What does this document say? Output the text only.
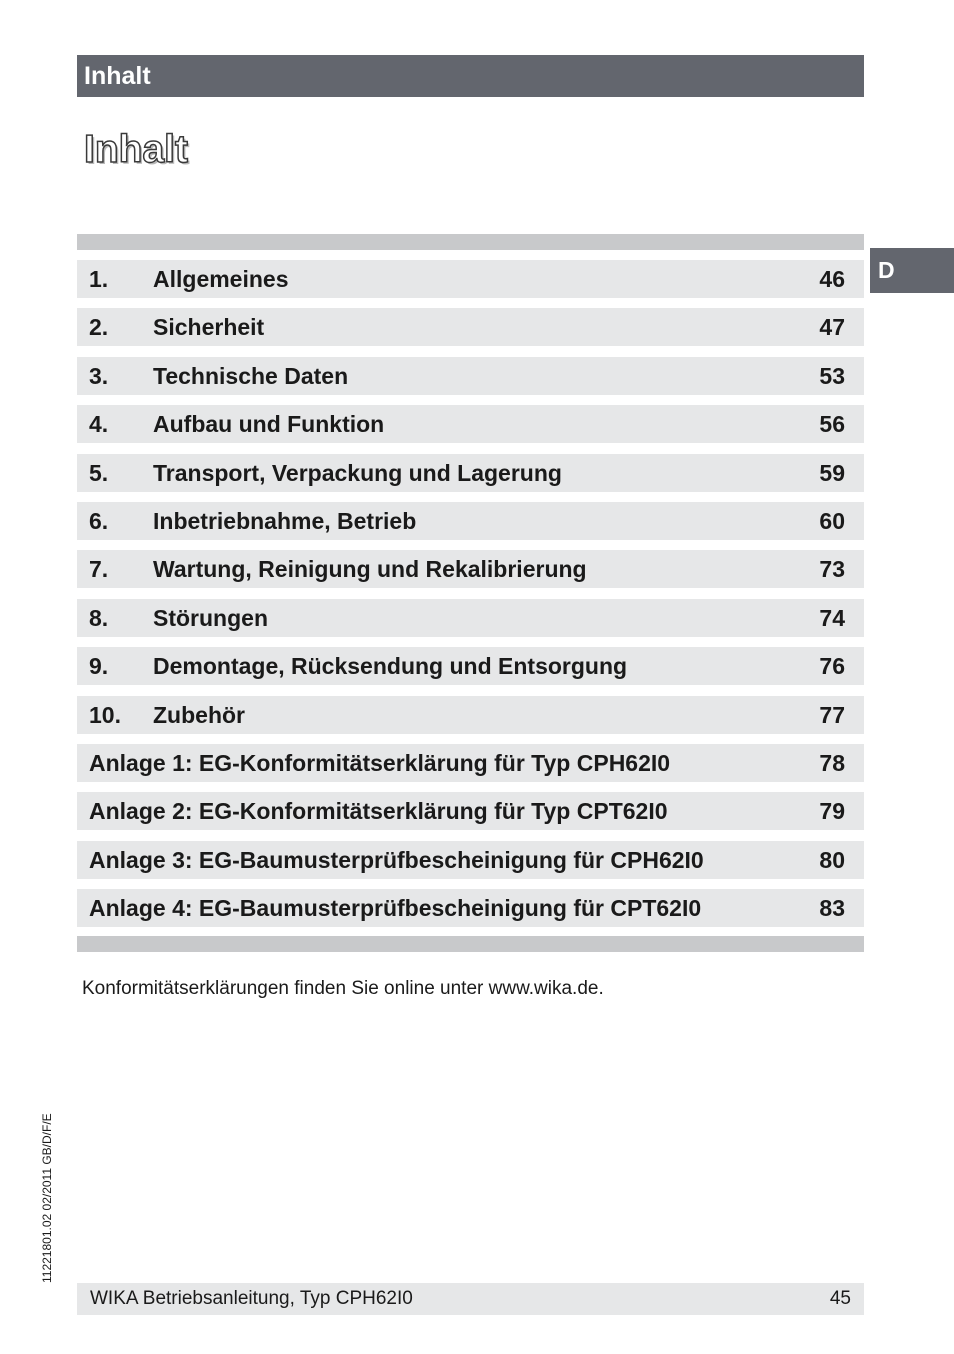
Inhalt
Inhalt
D
1. Allgemeines	46
2. Sicherheit	47
3. Technische Daten	53
4. Aufbau und Funktion	56
5. Transport, Verpackung und Lagerung	59
6. Inbetriebnahme, Betrieb	60
7. Wartung, Reinigung und Rekalibrierung	73
8. Störungen	74
9. Demontage, Rücksendung und Entsorgung	76
10. Zubehör	77
Anlage 1: EG-Konformitätserklärung für Typ CPH62I0	78
Anlage 2: EG-Konformitätserklärung für Typ CPT62I0	79
Anlage 3: EG-Baumusterprüfbescheinigung für CPH62I0	80
Anlage 4: EG-Baumusterprüfbescheinigung für CPT62I0	83
Konformitätserklärungen finden Sie online unter www.wika.de.
11221801.02 02/2011 GB/D/F/E
WIKA Betriebsanleitung, Typ CPH62I0	45
